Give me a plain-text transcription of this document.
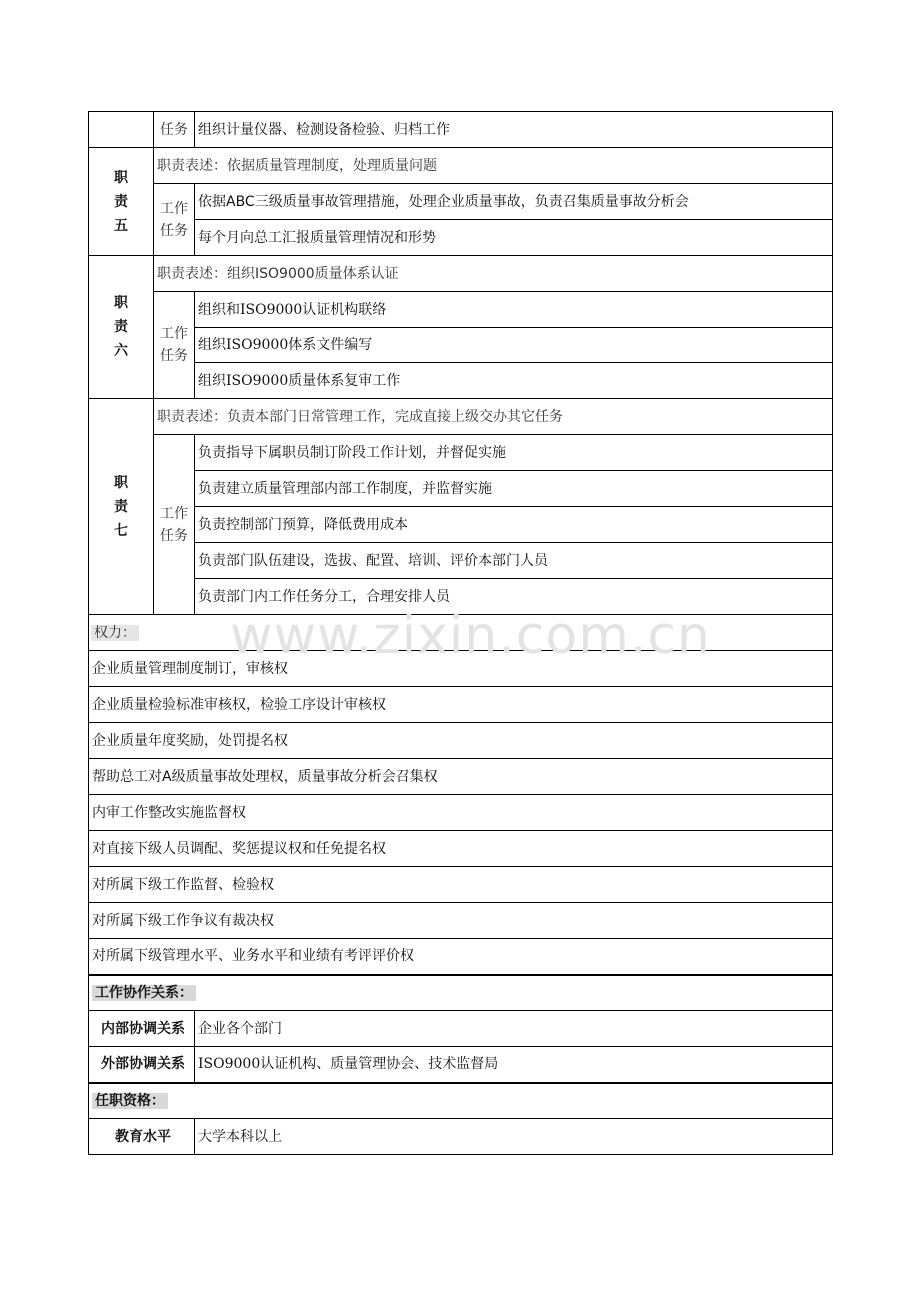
	任务	组织计量仪器、检测设备检验、归档工作
职
责
五	职责表述：依据质量管理制度，处理质量问题	
	工作
任务	依据ABC三级质量事故管理措施，处理企业质量事故，负责召集质量事故分析会
		每个月向总工汇报质量管理情况和形势
职
责
六	职责表述：组织ISO9000质量体系认证	
	工作
任务	组织和ISO9000认证机构联络
		组织ISO9000体系文件编写
		组织ISO9000质量体系复审工作
职
责
七	职责表述：负责本部门日常管理工作，完成直接上级交办其它任务	
	工作
任务	负责指导下属职员制订阶段工作计划，并督促实施
		负责建立质量管理部内部工作制度，并监督实施
		负责控制部门预算，降低费用成本
		负责部门队伍建设，选拔、配置、培训、评价本部门人员
		负责部门内工作任务分工，合理安排人员
权力：		
企业质量管理制度制订，审核权		
企业质量检验标准审核权，检验工序设计审核权		
企业质量年度奖励，处罚提名权		
帮助总工对A级质量事故处理权，质量事故分析会召集权		
内审工作整改实施监督权		
对直接下级人员调配、奖惩提议权和任免提名权		
对所属下级工作监督、检验权		
对所属下级工作争议有裁决权		
对所属下级管理水平、业务水平和业绩有考评评价权		
工作协作关系：		
内部协调关系		企业各个部门
外部协调关系		ISO9000认证机构、质量管理协会、技术监督局
任职资格：		
教育水平		大学本科以上
www.zixin.com.cn
